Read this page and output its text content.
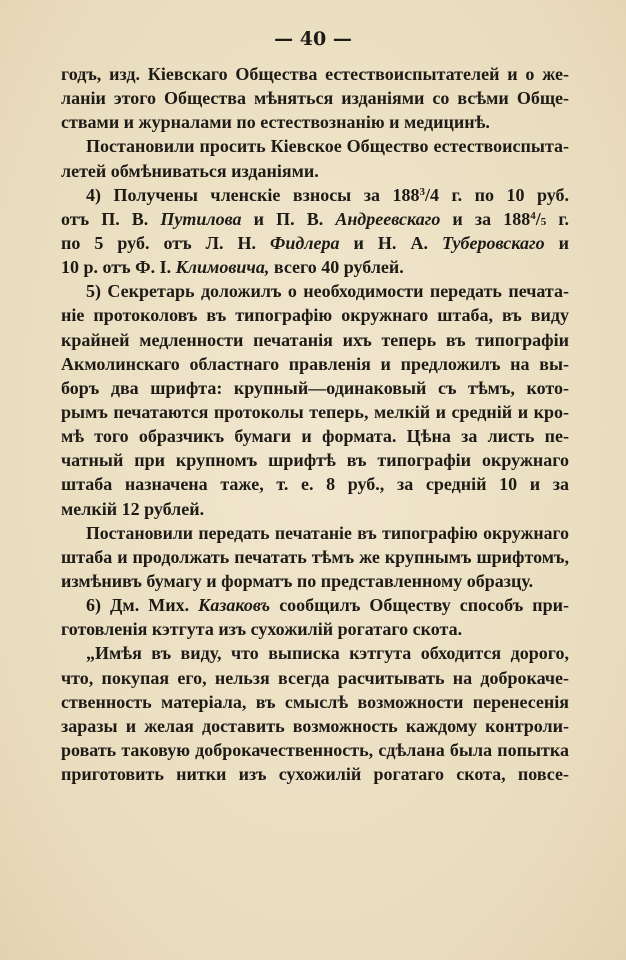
— 40 —
годъ, изд. Кіевскаго Общества естествоиспытателей и о же-
ланіи этого Общества мѣняться изданіями со всѣми Обще-
ствами и журналами по естествознанію и медицинѣ.
Постановили просить Кіевское Общество естествоиспыта-
летей обмѣниваться изданіями.
4) Получены членскіе взносы за $188^3/4$ г. по 10 руб.
отъ П. В. Путилова и П. В. Андреевскаго и за $188^4/5$ г.
по 5 руб. отъ Л. Н. Фидлера и Н. А. Туберовскаго и
10 р. отъ Ф. І. Климовича, всего 40 рублей.
5) Секретарь доложилъ о необходимости передать печата-
ніе протоколовъ въ типографію окружнаго штаба, въ виду
крайней медленности печатанія ихъ теперь въ типографіи
Акмолинскаго областнаго правленія и предложилъ на вы-
боръ два шрифта: крупный—одинаковый съ тѣмъ, кото-
рымъ печатаются протоколы теперь, мелкій и средній и кро-
мѣ того образчикъ бумаги и формата. Цѣна за листь пе-
чатный при крупномъ шрифтѣ въ типографіи окружнаго
штаба назначена таже, т. е. 8 руб., за средній 10 и за
мелкій 12 рублей.
Постановили передать печатаніе въ типографію окружнаго
штаба и продолжать печатать тѣмъ же крупнымъ шрифтомъ,
измѣнивъ бумагу и форматъ по представленному образцу.
6) Дм. Мих. Казаковъ сообщилъ Обществу способъ при-
готовленія кэтгута изъ сухожилій рогатаго скота.
„Имѣя въ виду, что выписка кэтгута обходится дорого,
что, покупая его, нельзя всегда расчитывать на доброкаче-
ственность матеріала, въ смыслѣ возможности перенесенія
заразы и желая доставить возможность каждому контроли-
ровать таковую доброкачественность, сдѣлана была попытка
приготовить нитки изъ сухожилій рогатаго скота, повсе-
